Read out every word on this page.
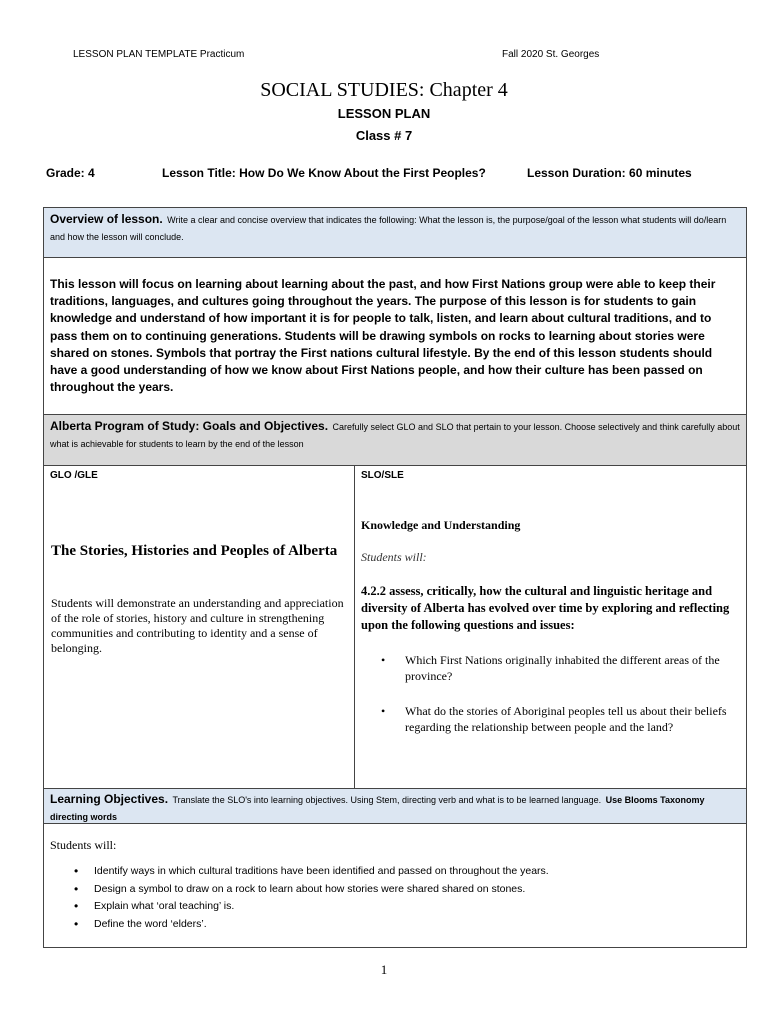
LESSON PLAN TEMPLATE Practicum	Fall 2020 St. Georges
SOCIAL STUDIES: Chapter 4
LESSON PLAN
Class # 7
Grade: 4	Lesson Title: How Do We Know About the First Peoples?	Lesson Duration: 60 minutes
Overview of lesson. Write a clear and concise overview that indicates the following: What the lesson is, the purpose/goal of the lesson what students will do/learn and how the lesson will conclude.
This lesson will focus on learning about learning about the past, and how First Nations group were able to keep their traditions, languages, and cultures going throughout the years. The purpose of this lesson is for students to gain knowledge and understand of how important it is for people to talk, listen, and learn about cultural traditions, and to pass them on to continuing generations. Students will be drawing symbols on rocks to learning about stories were shared on stones. Symbols that portray the First nations cultural lifestyle. By the end of this lesson students should have a good understanding of how we know about First Nations people, and how their culture has been passed on throughout the years.
Alberta Program of Study: Goals and Objectives. Carefully select GLO and SLO that pertain to your lesson. Choose selectively and think carefully about what is achievable for students to learn by the end of the lesson
GLO /GLE
The Stories, Histories and Peoples of Alberta
Students will demonstrate an understanding and appreciation of the role of stories, history and culture in strengthening communities and contributing to identity and a sense of belonging.
SLO/SLE
Knowledge and Understanding
Students will:
4.2.2 assess, critically, how the cultural and linguistic heritage and diversity of Alberta has evolved over time by exploring and reflecting upon the following questions and issues:
• Which First Nations originally inhabited the different areas of the province?
• What do the stories of Aboriginal peoples tell us about their beliefs regarding the relationship between people and the land?
Learning Objectives. Translate the SLO's into learning objectives. Using Stem, directing verb and what is to be learned language. Use Blooms Taxonomy directing words
Students will:
• Identify ways in which cultural traditions have been identified and passed on throughout the years.
• Design a symbol to draw on a rock to learn about how stories were shared shared on stones.
• Explain what ‘oral teaching’ is.
• Define the word ‘elders’.
1
